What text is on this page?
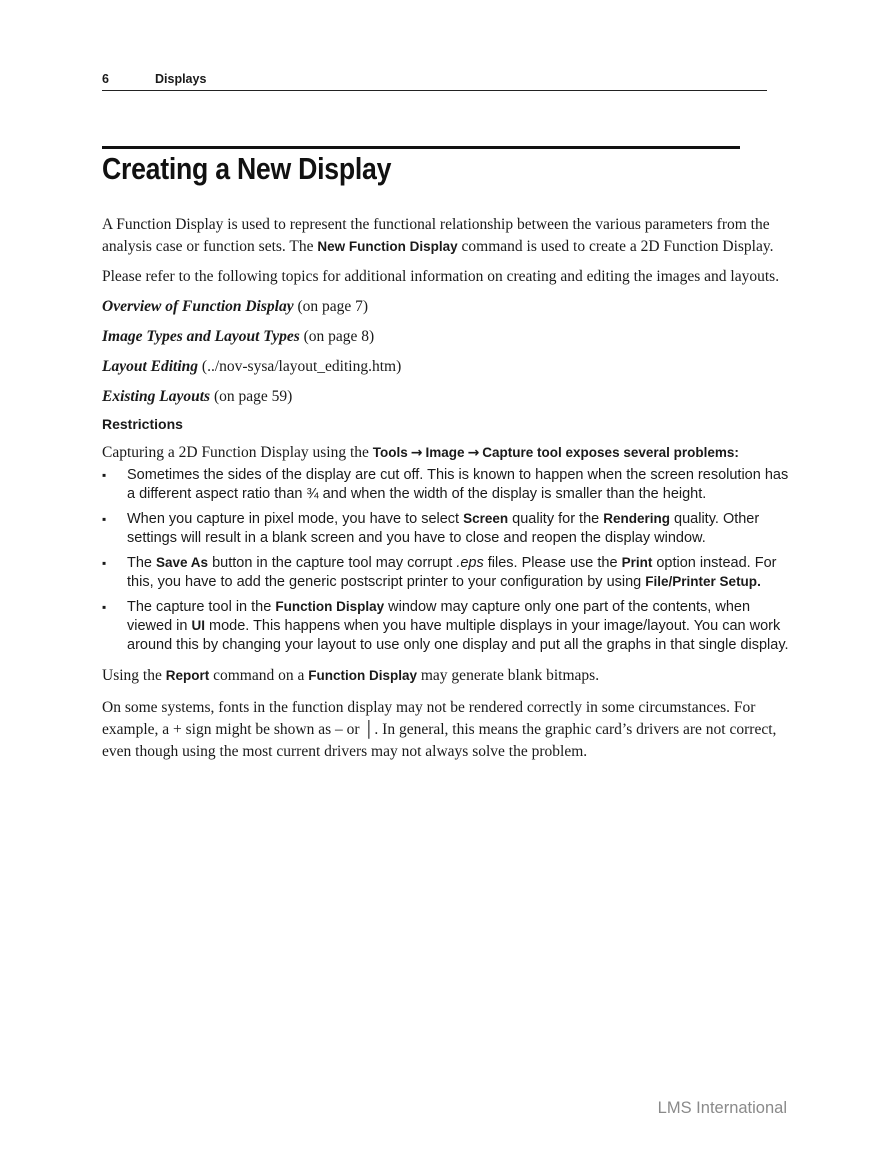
6	Displays
Creating a New Display

A Function Display is used to represent the functional relationship between the various parameters from the analysis case or function sets. The New Function Display command is used to create a 2D Function Display.

Please refer to the following topics for additional information on creating and editing the images and layouts.

Overview of Function Display (on page 7)

Image Types and Layout Types (on page 8)

Layout Editing (../nov-sysa/layout_editing.htm)

Existing Layouts (on page 59)

Restrictions

Capturing a 2D Function Display using the Tools → Image → Capture tool exposes several problems:

▪ Sometimes the sides of the display are cut off. This is known to happen when the screen resolution has a different aspect ratio than ¾ and when the width of the display is smaller than the height.
▪ When you capture in pixel mode, you have to select Screen quality for the Rendering quality. Other settings will result in a blank screen and you have to close and reopen the display window.
▪ The Save As button in the capture tool may corrupt .eps files. Please use the Print option instead. For this, you have to add the generic postscript printer to your configuration by using File/Printer Setup.
▪ The capture tool in the Function Display window may capture only one part of the contents, when viewed in UI mode. This happens when you have multiple displays in your image/layout. You can work around this by changing your layout to use only one display and put all the graphs in that single display.

Using the Report command on a Function Display may generate blank bitmaps.

On some systems, fonts in the function display may not be rendered correctly in some circumstances. For example, a + sign might be shown as – or │. In general, this means the graphic card’s drivers are not correct, even though using the most current drivers may not always solve the problem.

LMS International
